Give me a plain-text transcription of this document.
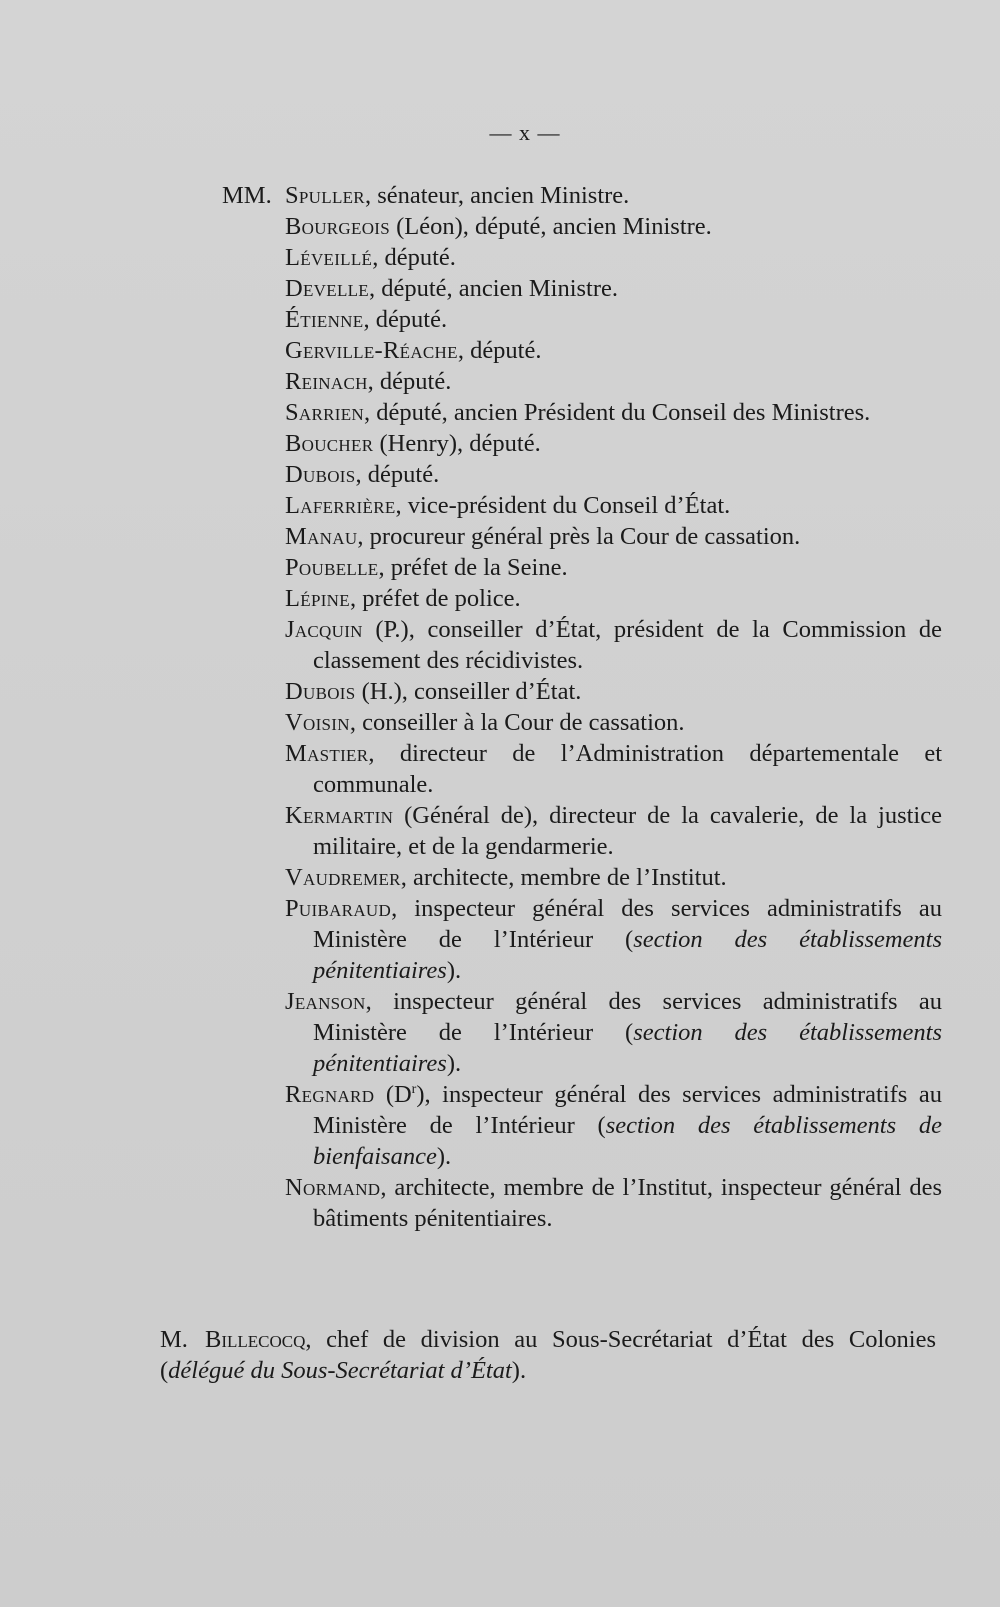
— x —
MM. Spuller, sénateur, ancien Ministre.
Bourgeois (Léon), député, ancien Ministre.
Léveillé, député.
Develle, député, ancien Ministre.
Étienne, député.
Gerville-Réache, député.
Reinach, député.
Sarrien, député, ancien Président du Conseil des Ministres.
Boucher (Henry), député.
Dubois, député.
Laferrière, vice-président du Conseil d’État.
Manau, procureur général près la Cour de cassation.
Poubelle, préfet de la Seine.
Lépine, préfet de police.
Jacquin (P.), conseiller d’État, président de la Commission de classement des récidivistes.
Dubois (H.), conseiller d’État.
Voisin, conseiller à la Cour de cassation.
Mastier, directeur de l’Administration départementale et communale.
Kermartin (Général de), directeur de la cavalerie, de la justice militaire, et de la gendarmerie.
Vaudremer, architecte, membre de l’Institut.
Puibaraud, inspecteur général des services administratifs au Ministère de l’Intérieur (section des établissements pénitentiaires).
Jeanson, inspecteur général des services administratifs au Ministère de l’Intérieur (section des établissements pénitentiaires).
Regnard $(D^r)$, inspecteur général des services administratifs au Ministère de l’Intérieur (section des établissements de bienfaisance).
Normand, architecte, membre de l’Institut, inspecteur général des bâtiments pénitentiaires.
M. Billecocq, chef de division au Sous-Secrétariat d’État des Colonies (délégué du Sous-Secrétariat d’État).
